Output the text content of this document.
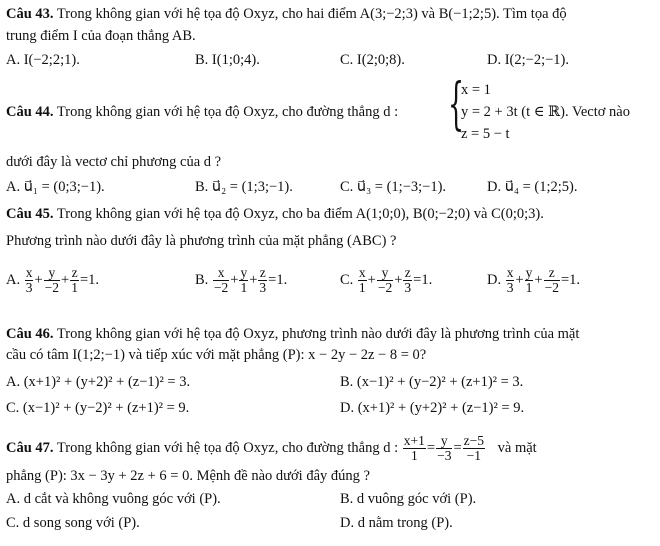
Câu 43. Trong không gian với hệ tọa độ Oxyz, cho hai điểm A(3;−2;3) và B(−1;2;5). Tìm tọa độ
trung điểm I của đoạn thẳng AB.
A. I(−2;2;1).	B. I(1;0;4).	C. I(2;0;8).	D. I(2;−2;−1).
Câu 44. Trong không gian với hệ tọa độ Oxyz, cho đường thẳng d : {
x = 1
y = 2 + 3t (t ∈ ℝ). Vectơ nào
z = 5 − t
dưới đây là vectơ chỉ phương của d ?
A. u⃗₁ = (0;3;−1).	B. u⃗₂ = (1;3;−1).	C. u⃗₃ = (1;−3;−1).	D. u⃗₄ = (1;2;5).
Câu 45. Trong không gian với hệ tọa độ Oxyz, cho ba điểm A(1;0;0), B(0;−2;0) và C(0;0;3).
Phương trình nào dưới đây là phương trình của mặt phẳng (ABC) ?
A. $\frac{x}{3} + \frac{y}{-2} + \frac{z}{1} =1$.	B. $\frac{x}{-2} + \frac{y}{1} + \frac{z}{3} =1$.	C. $\frac{x}{1} + \frac{y}{-2} + \frac{z}{3} =1$.	D. $\frac{x}{3} + \frac{y}{1} + \frac{z}{-2} =1$.
Câu 46. Trong không gian với hệ tọa độ Oxyz, phương trình nào dưới đây là phương trình của mặt
cầu có tâm I(1;2;−1) và tiếp xúc với mặt phẳng (P): x − 2y − 2z − 8 = 0?
A. (x+1)² + (y+2)² + (z−1)² = 3.	B. (x−1)² + (y−2)² + (z+1)² = 3.
C. (x−1)² + (y−2)² + (z+1)² = 9.	D. (x+1)² + (y+2)² + (z−1)² = 9.
Câu 47. Trong không gian với hệ tọa độ Oxyz, cho đường thẳng d : $\frac{x+1}{1} = \frac{y}{-3} = \frac{z-5}{-1}$ và mặt
phẳng (P): 3x − 3y + 2z + 6 = 0. Mệnh đề nào dưới đây đúng ?
A. d cắt và không vuông góc với (P).	B. d vuông góc với (P).
C. d song song với (P).	D. d nằm trong (P).
